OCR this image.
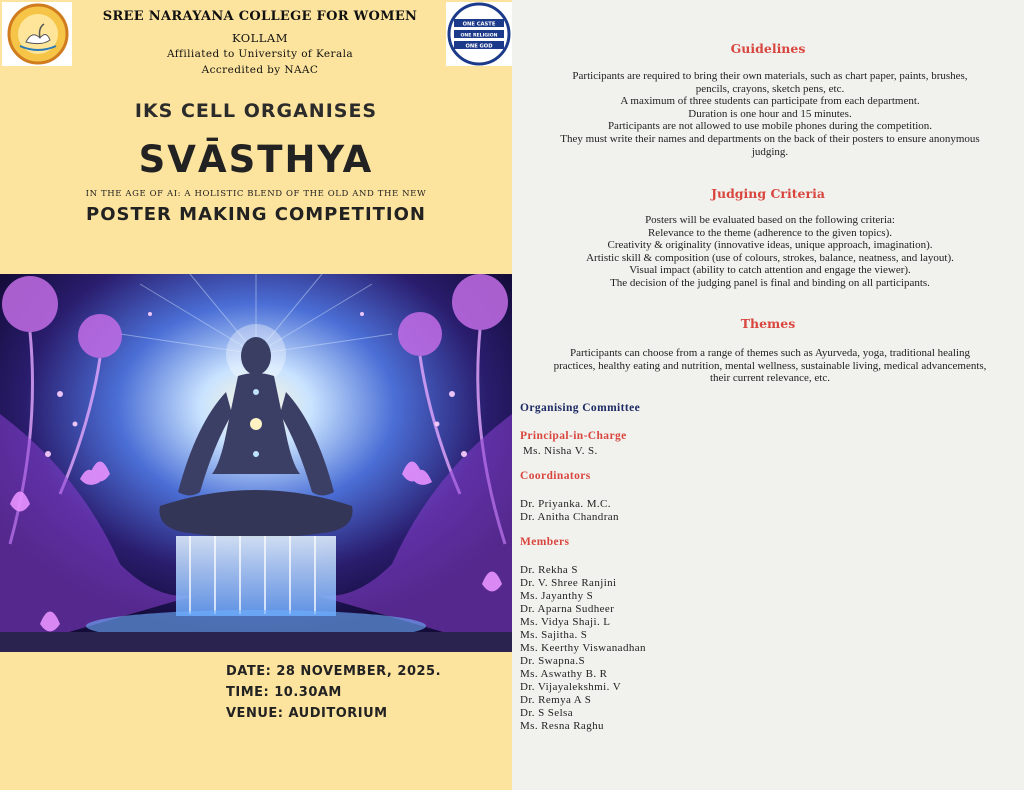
ONE CASTE
ONE RELIGION
ONE GOD
SREE NARAYANA COLLEGE FOR WOMEN
KOLLAM
Affiliated to University of Kerala
Accredited by NAAC
IKS CELL ORGANISES
SVĀSTHYA
IN THE AGE OF AI: A HOLISTIC BLEND OF THE OLD AND THE NEW
POSTER MAKING COMPETITION
DATE: 28 NOVEMBER, 2025.
TIME: 10.30AM
VENUE: AUDITORIUM
Guidelines
Participants are required to bring their own materials, such as chart paper, paints, brushes,
pencils, crayons, sketch pens, etc.
A maximum of three students can participate from each department.
Duration is one hour and 15 minutes.
Participants are not allowed to use mobile phones during the competition.
They must write their names and departments on the back of their posters to ensure anonymous
judging.
Judging Criteria
Posters will be evaluated based on the following criteria:
Relevance to the theme (adherence to the given topics).
Creativity & originality (innovative ideas, unique approach, imagination).
Artistic skill & composition (use of colours, strokes, balance, neatness, and layout).
Visual impact (ability to catch attention and engage the viewer).
The decision of the judging panel is final and binding on all participants.
Themes
Participants can choose from a range of themes such as Ayurveda, yoga, traditional healing
practices, healthy eating and nutrition, mental wellness, sustainable living, medical advancements,
their current relevance, etc.
Organising Committee
Principal-in-Charge
Ms. Nisha V. S.
Coordinators
Dr. Priyanka. M.C.
Dr. Anitha Chandran
Members
Dr. Rekha S
Dr. V. Shree Ranjini
Ms. Jayanthy S
Dr. Aparna Sudheer
Ms. Vidya Shaji. L
Ms. Sajitha. S
Ms. Keerthy Viswanadhan
Dr. Swapna.S
Ms. Aswathy B. R
Dr. Vijayalekshmi. V
Dr. Remya A S
Dr. S Selsa
Ms. Resna Raghu
